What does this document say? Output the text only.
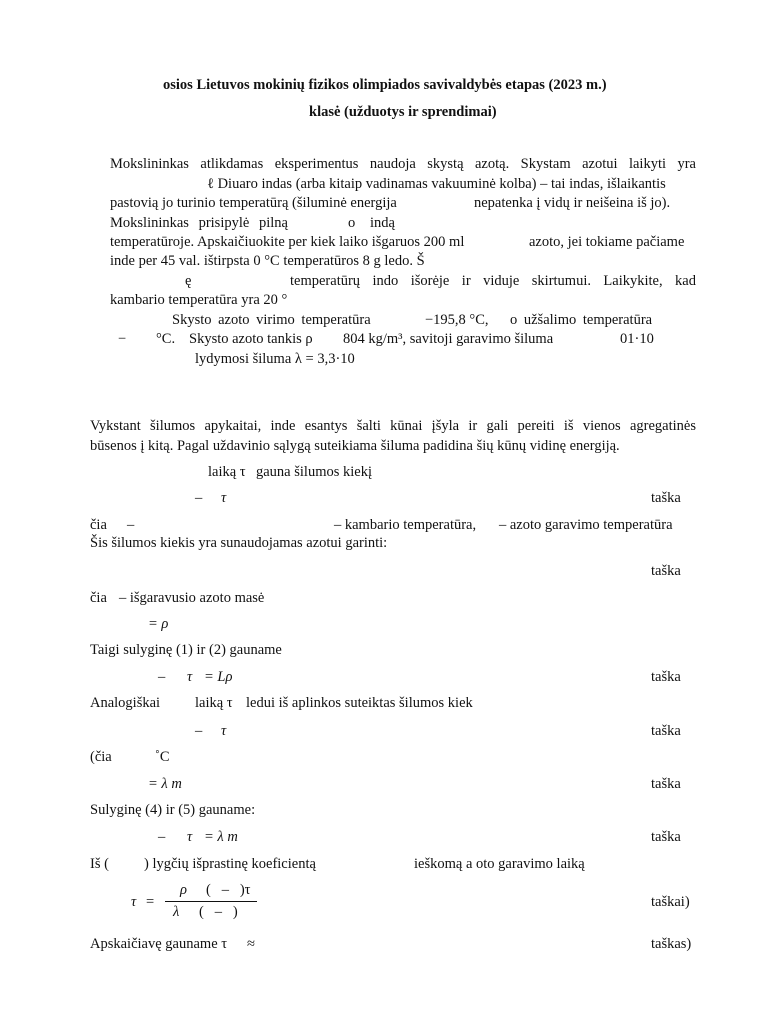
osios Lietuvos mokinių fizikos olimpiados savivaldybės etapas (2023 m.)
klasė (užduotys ir sprendimai)
Mokslininkas atlikdamas eksperimentus naudoja skystą azotą. Skystam azotui laikyti yra
ℓ Diuaro indas (arba kitaip vadinamas vakuuminė kolba) – tai indas, išlaikantis
pastovią jo turinio temperatūrą (šiluminė energija	nepatenka į vidų ir neišeina iš jo).
Mokslininkas prisipylė pilną	o indą
temperatūroje. Apskaičiuokite per kiek laiko išgaruos 200 ml	azoto, jei tokiame pačiame
inde per 45 val. ištirpsta 0 °C temperatūros 8 g ledo. Š
ę	temperatūrų indo išorėje ir viduje skirtumui. Laikykite, kad
kambario temperatūra yra 20 °
Skysto azoto virimo temperatūra	−195,8 °C, o užšalimo temperatūra
− °C. Skysto azoto tankis ρ 804 kg/m³, savitoji garavimo šiluma	01·10
lydymosi šiluma λ = 3,3·10
Vykstant šilumos apykaitai, inde esantys šalti kūnai įšyla ir gali pereiti iš vienos agregatinės
būsenos į kitą. Pagal uždavinio sąlygą suteikiama šiluma padidina šių kūnų vidinę energiją.
laiką τ gauna šilumos kiekį
– τ	taška
čia –	– kambario temperatūra, – azoto garavimo temperatūra
Šis šilumos kiekis yra sunaudojamas azotui garinti:
taška
čia – išgaravusio azoto masė
= ρ
Taigi sulyginę (1) ir (2) gauname
– τ = Lρ	taška
Analogiškai laiką τ ledui iš aplinkos suteiktas šilumos kiek
– τ	taška
(čia	˚C
= λ m	taška
Sulyginę (4) ir (5) gauname:
– τ = λ m	taška
Iš ( ) lygčių išprastinę koeficientą	ieškomą a oto garavimo laiką
τ =
ρ (   –   )τ
λ (   –   )
taškai)
Apskaičiavę gauname τ ≈	taškas)
